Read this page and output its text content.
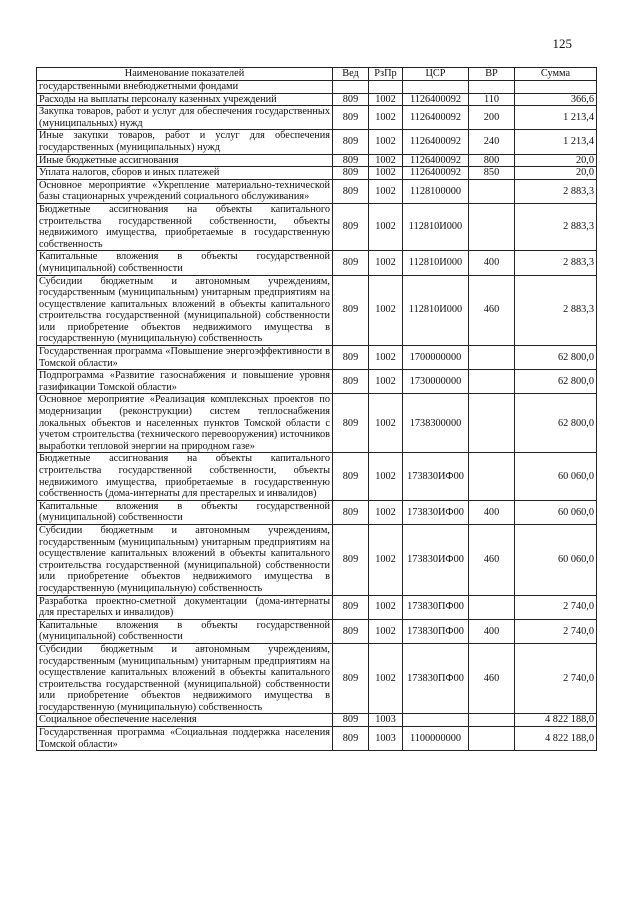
125
Наименование показателей	Вед	РзПр	ЦСР	ВР	Сумма
государственными внебюджетными фондами					
Расходы на выплаты персоналу казенных учреждений	809	1002	1126400092	110	366,6
Закупка товаров, работ и услуг для обеспечения государственных (муниципальных) нужд	809	1002	1126400092	200	1 213,4
Иные закупки товаров, работ и услуг для обеспечения государственных (муниципальных) нужд	809	1002	1126400092	240	1 213,4
Иные бюджетные ассигнования	809	1002	1126400092	800	20,0
Уплата налогов, сборов и иных платежей	809	1002	1126400092	850	20,0
Основное мероприятие «Укрепление материально-технической базы стационарных учреждений социального обслуживания»	809	1002	1128100000		2 883,3
Бюджетные ассигнования на объекты капитального строительства государственной собственности, объекты недвижимого имущества, приобретаемые в государственную собственность	809	1002	112810И000		2 883,3
Капитальные вложения в объекты государственной (муниципальной) собственности	809	1002	112810И000	400	2 883,3
Субсидии бюджетным и автономным учреждениям, государственным (муниципальным) унитарным предприятиям на осуществление капитальных вложений в объекты капитального строительства государственной (муниципальной) собственности или приобретение объектов недвижимого имущества в государственную (муниципальную) собственность	809	1002	112810И000	460	2 883,3
Государственная программа «Повышение энергоэффективности в Томской области»	809	1002	1700000000		62 800,0
Подпрограмма «Развитие газоснабжения и повышение уровня газификации Томской области»	809	1002	1730000000		62 800,0
Основное мероприятие «Реализация комплексных проектов по модернизации (реконструкции) систем теплоснабжения локальных объектов и населенных пунктов Томской области с учетом строительства (технического перевооружения) источников выработки тепловой энергии на природном газе»	809	1002	1738300000		62 800,0
Бюджетные ассигнования на объекты капитального строительства государственной собственности, объекты недвижимого имущества, приобретаемые в государственную собственность (дома-интернаты для престарелых и инвалидов)	809	1002	173830ИФ00		60 060,0
Капитальные вложения в объекты государственной (муниципальной) собственности	809	1002	173830ИФ00	400	60 060,0
Субсидии бюджетным и автономным учреждениям, государственным (муниципальным) унитарным предприятиям на осуществление капитальных вложений в объекты капитального строительства государственной (муниципальной) собственности или приобретение объектов недвижимого имущества в государственную (муниципальную) собственность	809	1002	173830ИФ00	460	60 060,0
Разработка проектно-сметной документации (дома-интернаты для престарелых и инвалидов)	809	1002	173830ПФ00		2 740,0
Капитальные вложения в объекты государственной (муниципальной) собственности	809	1002	173830ПФ00	400	2 740,0
Субсидии бюджетным и автономным учреждениям, государственным (муниципальным) унитарным предприятиям на осуществление капитальных вложений в объекты капитального строительства государственной (муниципальной) собственности или приобретение объектов недвижимого имущества в государственную (муниципальную) собственность	809	1002	173830ПФ00	460	2 740,0
Социальное обеспечение населения	809	1003			4 822 188,0
Государственная программа «Социальная поддержка населения Томской области»	809	1003	1100000000		4 822 188,0
